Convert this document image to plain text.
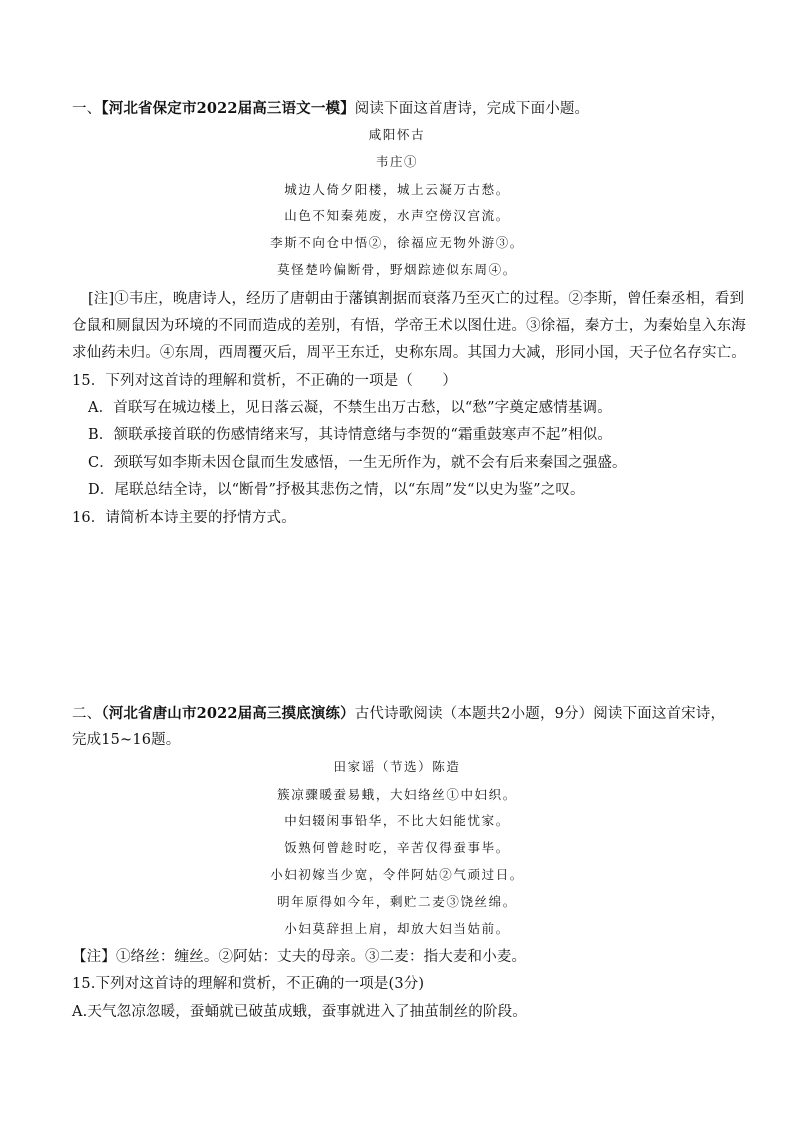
一、【河北省保定市2022届高三语文一模】阅读下面这首唐诗，完成下面小题。
咸阳怀古
韦庄①
城边人倚夕阳楼，城上云凝万古愁。
山色不知秦苑废，水声空傍汉宫流。
李斯不向仓中悟②，徐福应无物外游③。
莫怪楚吟偏断骨，野烟踪迹似东周④。
[注]①韦庄，晚唐诗人，经历了唐朝由于藩镇割据而衰落乃至灭亡的过程。②李斯，曾任秦丞相，看到
仓鼠和厕鼠因为环境的不同而造成的差别，有悟，学帝王术以图仕进。③徐福，秦方士，为秦始皇入东海
求仙药未归。④东周，西周覆灭后，周平王东迁，史称东周。其国力大减，形同小国，天子位名存实亡。
15．下列对这首诗的理解和赏析，不正确的一项是（　　）
A．首联写在城边楼上，见日落云凝，不禁生出万古愁，以“愁”字奠定感情基调。
B．颔联承接首联的伤感情绪来写，其诗情意绪与李贺的“霜重鼓寒声不起”相似。
C．颈联写如李斯未因仓鼠而生发感悟，一生无所作为，就不会有后来秦国之强盛。
D．尾联总结全诗，以“断骨”抒极其悲伤之情，以“东周”发“以史为鉴”之叹。
16．请简析本诗主要的抒情方式。
二、（河北省唐山市2022届高三摸底演练）古代诗歌阅读（本题共2小题，9分）阅读下面这首宋诗，
完成15~16题。
田家谣（节选）陈造
簇凉骤暖蚕易蛾，大妇络丝①中妇织。
中妇辍闲事铅华，不比大妇能忧家。
饭熟何曾趁时吃，辛苦仅得蚕事毕。
小妇初嫁当少宽，令伴阿姑②气顽过日。
明年原得如今年，剩贮二麦③饶丝绵。
小妇莫辞担上肩，却放大妇当姑前。
【注】①络丝：缠丝。②阿姑：丈夫的母亲。③二麦：指大麦和小麦。
15.下列对这首诗的理解和赏析，不正确的一项是(3分)
A.天气忽凉忽暖，蚕蛹就已破茧成蛾，蚕事就进入了抽茧制丝的阶段。
